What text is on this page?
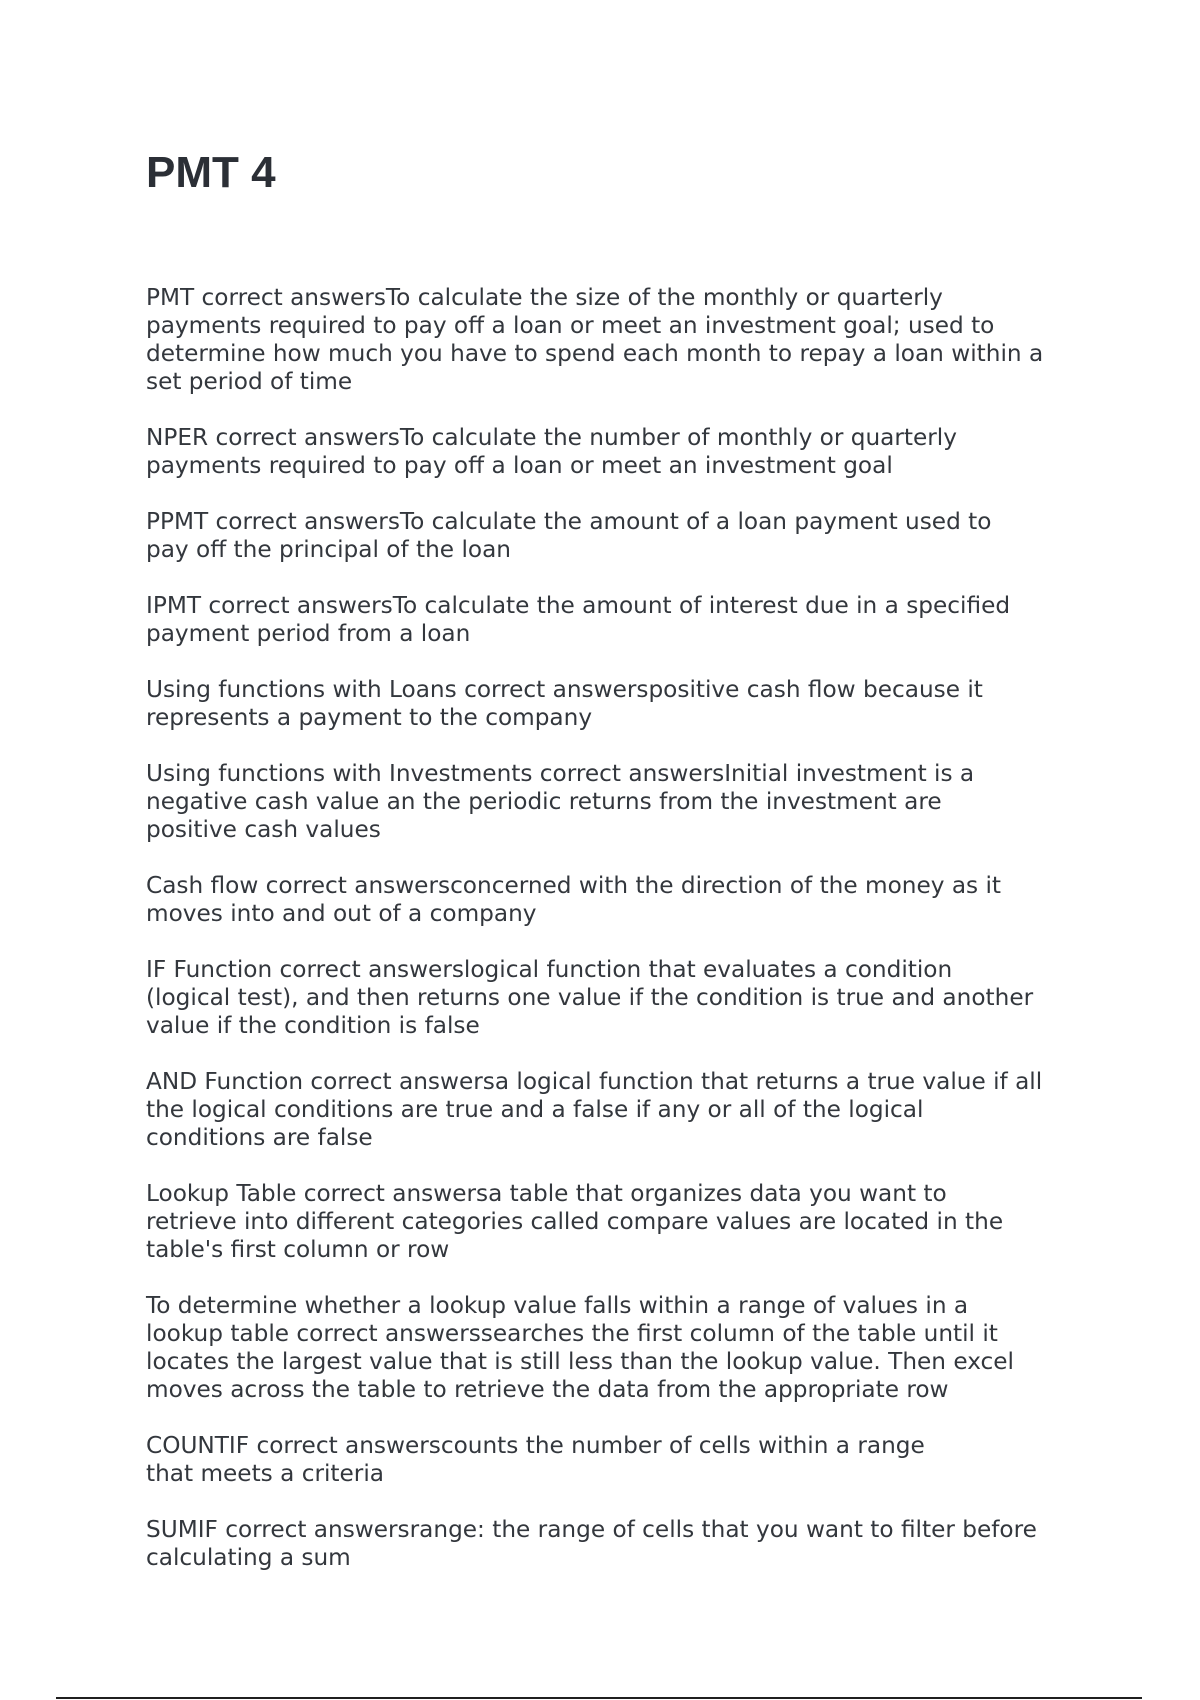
PMT 4

PMT correct answersTo calculate the size of the monthly or quarterly
payments required to pay off a loan or meet an investment goal; used to
determine how much you have to spend each month to repay a loan within a
set period of time

NPER correct answersTo calculate the number of monthly or quarterly
payments required to pay off a loan or meet an investment goal

PPMT correct answersTo calculate the amount of a loan payment used to
pay off the principal of the loan

IPMT correct answersTo calculate the amount of interest due in a specified
payment period from a loan

Using functions with Loans correct answerspositive cash flow because it
represents a payment to the company

Using functions with Investments correct answersInitial investment is a
negative cash value an the periodic returns from the investment are
positive cash values

Cash flow correct answersconcerned with the direction of the money as it
moves into and out of a company

IF Function correct answerslogical function that evaluates a condition
(logical test), and then returns one value if the condition is true and another
value if the condition is false

AND Function correct answersa logical function that returns a true value if all
the logical conditions are true and a false if any or all of the logical
conditions are false

Lookup Table correct answersa table that organizes data you want to
retrieve into different categories called compare values are located in the
table's first column or row

To determine whether a lookup value falls within a range of values in a
lookup table correct answerssearches the first column of the table until it
locates the largest value that is still less than the lookup value. Then excel
moves across the table to retrieve the data from the appropriate row

COUNTIF correct answerscounts the number of cells within a range
that meets a criteria

SUMIF correct answersrange: the range of cells that you want to filter before
calculating a sum
